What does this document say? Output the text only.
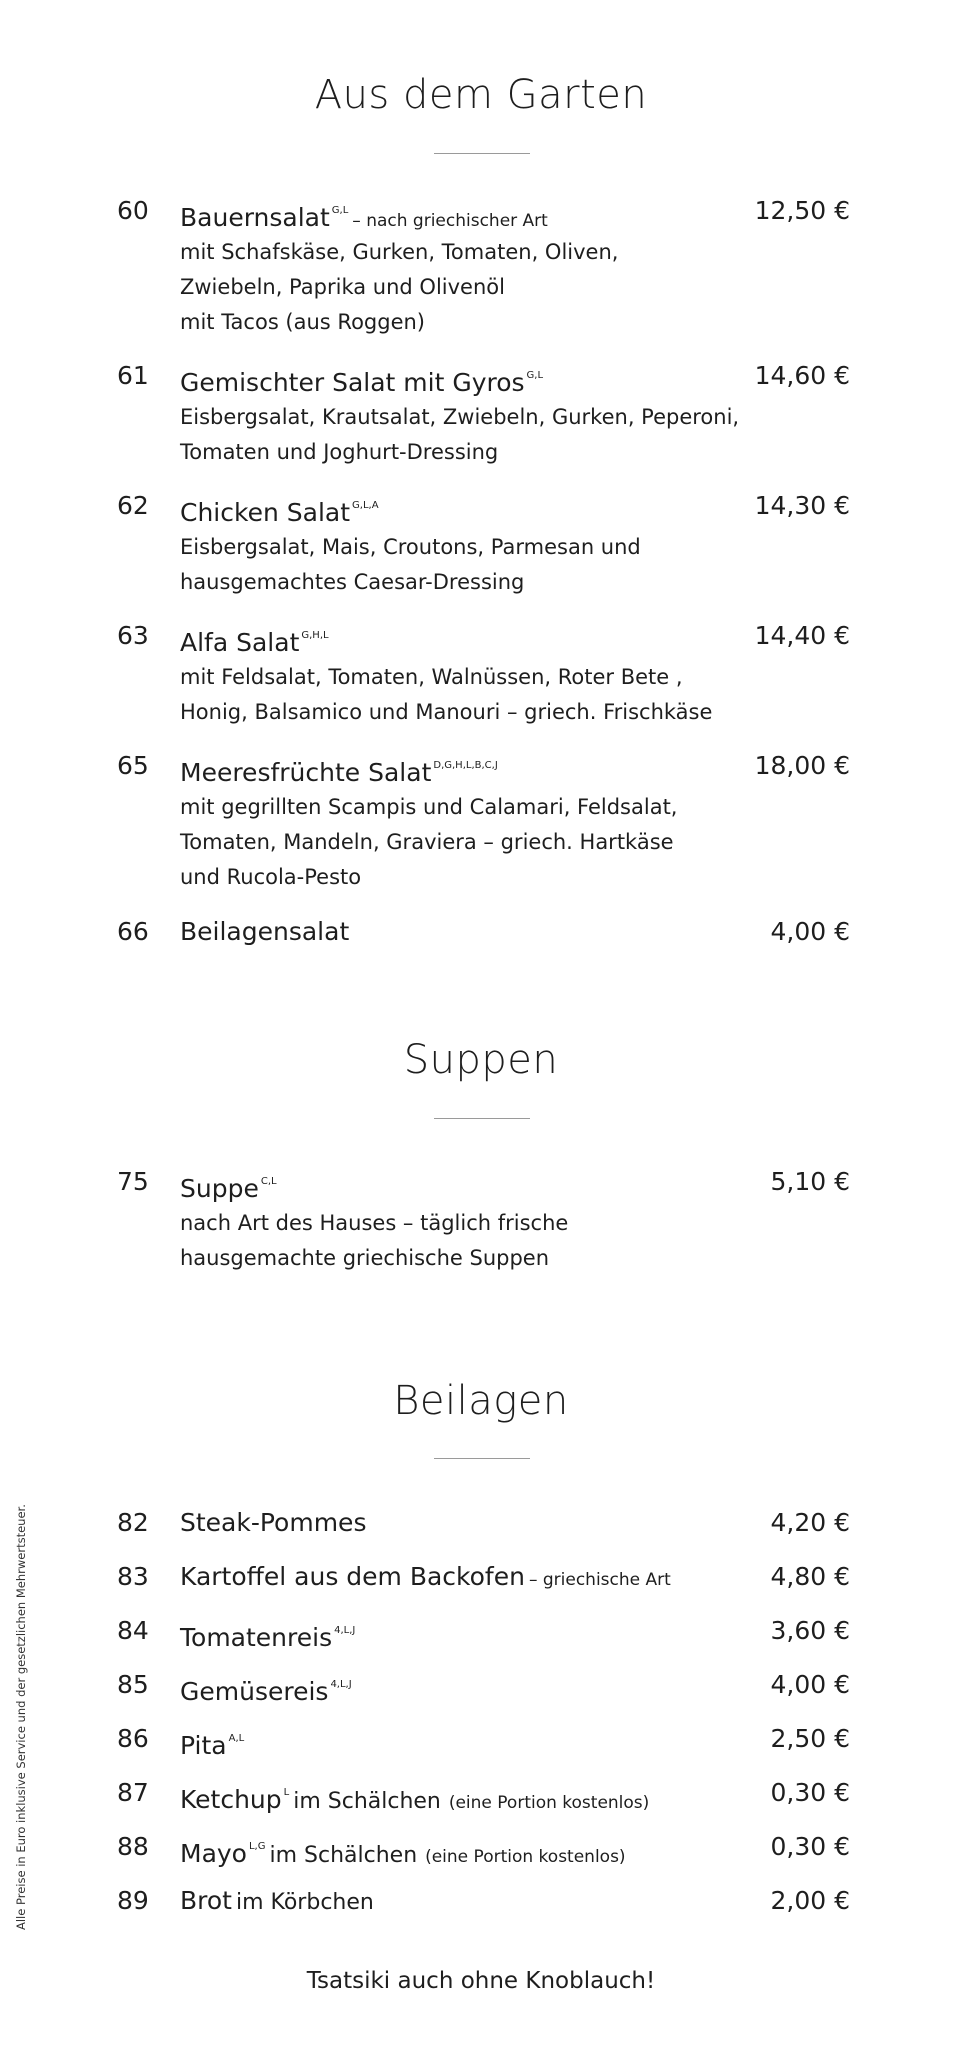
Aus dem Garten
60 Bauernsalat $^{G,L}$– nach griechischer Art	12,50 €
mit Schafskäse, Gurken, Tomaten, Oliven,
Zwiebeln, Paprika und Olivenöl
mit Tacos (aus Roggen)
61 Gemischter Salat mit Gyros $^{G,L}$	14,60 €
Eisbergsalat, Krautsalat, Zwiebeln, Gurken, Peperoni,
Tomaten und Joghurt-Dressing
62 Chicken Salat $^{G,L,A}$	14,30 €
Eisbergsalat, Mais, Croutons, Parmesan und
hausgemachtes Caesar-Dressing
63 Alfa Salat $^{G,H,L}$	14,40 €
mit Feldsalat, Tomaten, Walnüssen, Roter Bete ,
Honig, Balsamico und Manouri – griech. Frischkäse
65 Meeresfrüchte Salat $^{D,G,H,L,B,C,J}$	18,00 €
mit gegrillten Scampis und Calamari, Feldsalat,
Tomaten, Mandeln, Graviera – griech. Hartkäse
und Rucola-Pesto
66 Beilagensalat	4,00 €
Suppen
75 Suppe $^{C,L}$	5,10 €
nach Art des Hauses – täglich frische
hausgemachte griechische Suppen
Beilagen
82 Steak-Pommes	4,20 €
83 Kartoffel aus dem Backofen – griechische Art	4,80 €
84 Tomatenreis $^{4,L,J}$	3,60 €
85 Gemüsereis $^{4,L,J}$	4,00 €
86 Pita $^{A,L}$	2,50 €
87 Ketchup $^L$ im Schälchen (eine Portion kostenlos)	0,30 €
88 Mayo $^{L,G}$ im Schälchen (eine Portion kostenlos)	0,30 €
89 Brot im Körbchen	2,00 €
Tsatsiki auch ohne Knoblauch!
Alle Preise in Euro inklusive Service und der gesetzlichen Mehrwertsteuer.
